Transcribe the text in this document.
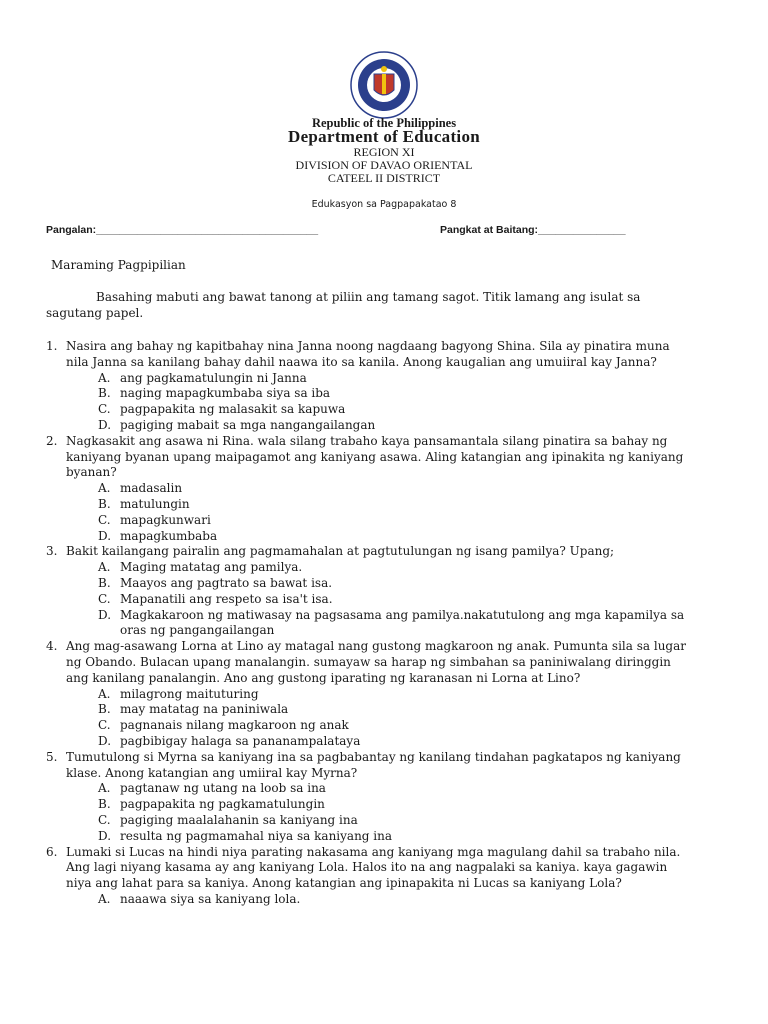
Republic of the Philippines
Department of Education
REGION XI
DIVISION OF DAVAO ORIENTAL
CATEEL II DISTRICT
Edukasyon sa Pagpapakatao 8
Pangalan:______________________________________	Pangkat at Baitang:_______________
Maraming Pagpipilian
Basahing mabuti ang bawat tanong at piliin ang tamang sagot. Titik lamang ang isulat sa sagutang papel.
1. Nasira ang bahay ng kapitbahay nina Janna noong nagdaang bagyong Shina. Sila ay pinatira muna nila Janna sa kanilang bahay dahil naawa ito sa kanila. Anong kaugalian ang umuiiral kay Janna?
A. ang pagkamatulungin ni Janna
B. naging mapagkumbaba siya sa iba
C. pagpapakita ng malasakit sa kapuwa
D. pagiging mabait sa mga nangangailangan
2. Nagkasakit ang asawa ni Rina. wala silang trabaho kaya pansamantala silang pinatira sa bahay ng kaniyang byanan upang maipagamot ang kaniyang asawa. Aling katangian ang ipinakita ng kaniyang byanan?
A. madasalin
B. matulungin
C. mapagkunwari
D. mapagkumbaba
3. Bakit kailangang pairalin ang pagmamahalan at pagtutulungan ng isang pamilya? Upang;
A. Maging matatag ang pamilya.
B. Maayos ang pagtrato sa bawat isa.
C. Mapanatili ang respeto sa isa't isa.
D. Magkakaroon ng matiwasay na pagsasama ang pamilya.nakatutulong ang mga kapamilya sa oras ng pangangailangan
4. Ang mag-asawang Lorna at Lino ay matagal nang gustong magkaroon ng anak. Pumunta sila sa lugar ng Obando. Bulacan upang manalangin. sumayaw sa harap ng simbahan sa paniniwalang diringgin ang kanilang panalangin. Ano ang gustong iparating ng karanasan ni Lorna at Lino?
A. milagrong maituturing
B. may matatag na paniniwala
C. pagnanais nilang magkaroon ng anak
D. pagbibigay halaga sa pananampalataya
5. Tumutulong si Myrna sa kaniyang ina sa pagbabantay ng kanilang tindahan pagkatapos ng kaniyang klase. Anong katangian ang umiiral kay Myrna?
A. pagtanaw ng utang na loob sa ina
B. pagpapakita ng pagkamatulungin
C. pagiging maalalahanin sa kaniyang ina
D. resulta ng pagmamahal niya sa kaniyang ina
6. Lumaki si Lucas na hindi niya parating nakasama ang kaniyang mga magulang dahil sa trabaho nila. Ang lagi niyang kasama ay ang kaniyang Lola. Halos ito na ang nagpalaki sa kaniya. kaya gagawin niya ang lahat para sa kaniya. Anong katangian ang ipinapakita ni Lucas sa kaniyang Lola?
A. naaawa siya sa kaniyang lola.
